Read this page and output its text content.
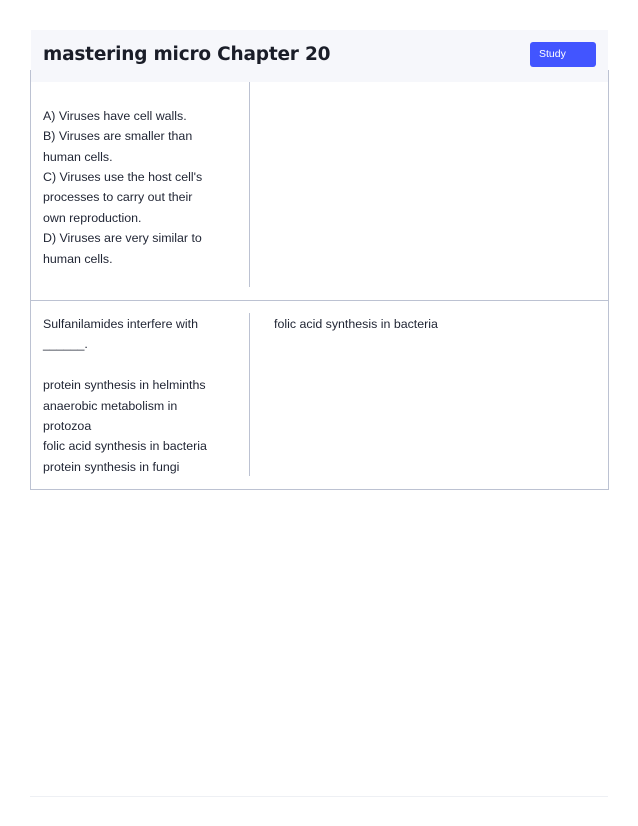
mastering micro Chapter 20	Study
A) Viruses have cell walls.
B) Viruses are smaller than
human cells.
C) Viruses use the host cell's
processes to carry out their
own reproduction.
D) Viruses are very similar to
human cells.
Sulfanilamides interfere with
______.
protein synthesis in helminths
anaerobic metabolism in
protozoa
folic acid synthesis in bacteria
protein synthesis in fungi
folic acid synthesis in bacteria
